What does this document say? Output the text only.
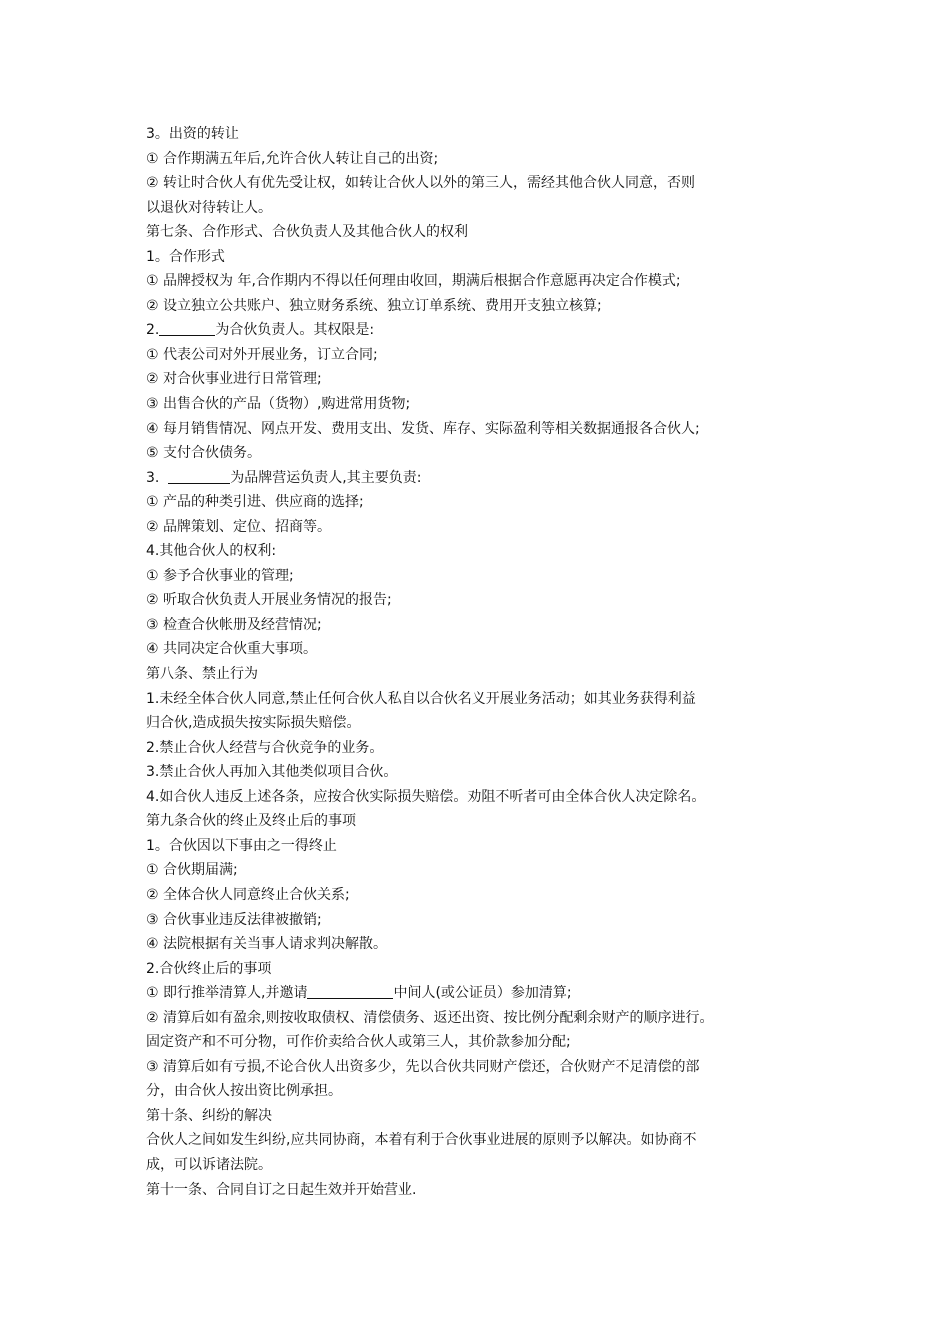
3。出资的转让
① 合作期满五年后,允许合伙人转让自己的出资;
② 转让时合伙人有优先受让权，如转让合伙人以外的第三人，需经其他合伙人同意，否则
以退伙对待转让人。
第七条、合作形式、合伙负责人及其他合伙人的权利
1。合作形式
① 品牌授权为 年,合作期内不得以任何理由收回，期满后根据合作意愿再决定合作模式;
② 设立独立公共账户、独立财务系统、独立订单系统、费用开支独立核算;
2.	为合伙负责人。其权限是:
① 代表公司对外开展业务，订立合同;
② 对合伙事业进行日常管理;
③ 出售合伙的产品（货物）,购进常用货物;
④ 每月销售情况、网点开发、费用支出、发货、库存、实际盈利等相关数据通报各合伙人;
⑤ 支付合伙债务。
3.	为品牌营运负责人,其主要负责:
① 产品的种类引进、供应商的选择;
② 品牌策划、定位、招商等。
4.其他合伙人的权利:
① 参予合伙事业的管理;
② 听取合伙负责人开展业务情况的报告;
③ 检查合伙帐册及经营情况;
④ 共同决定合伙重大事项。
第八条、禁止行为
1.未经全体合伙人同意,禁止任何合伙人私自以合伙名义开展业务活动；如其业务获得利益
归合伙,造成损失按实际损失赔偿。
2.禁止合伙人经营与合伙竞争的业务。
3.禁止合伙人再加入其他类似项目合伙。
4.如合伙人违反上述各条，应按合伙实际损失赔偿。劝阻不听者可由全体合伙人决定除名。
第九条合伙的终止及终止后的事项
1。合伙因以下事由之一得终止
① 合伙期届满;
② 全体合伙人同意终止合伙关系;
③ 合伙事业违反法律被撤销;
④ 法院根据有关当事人请求判决解散。
2.合伙终止后的事项
① 即行推举清算人,并邀请	中间人(或公证员）参加清算;
② 清算后如有盈余,则按收取债权、清偿债务、返还出资、按比例分配剩余财产的顺序进行。
固定资产和不可分物，可作价卖给合伙人或第三人，其价款参加分配;
③ 清算后如有亏损,不论合伙人出资多少，先以合伙共同财产偿还，合伙财产不足清偿的部
分，由合伙人按出资比例承担。
第十条、纠纷的解决
合伙人之间如发生纠纷,应共同协商，本着有利于合伙事业进展的原则予以解决。如协商不
成，可以诉诸法院。
第十一条、合同自订之日起生效并开始营业.
